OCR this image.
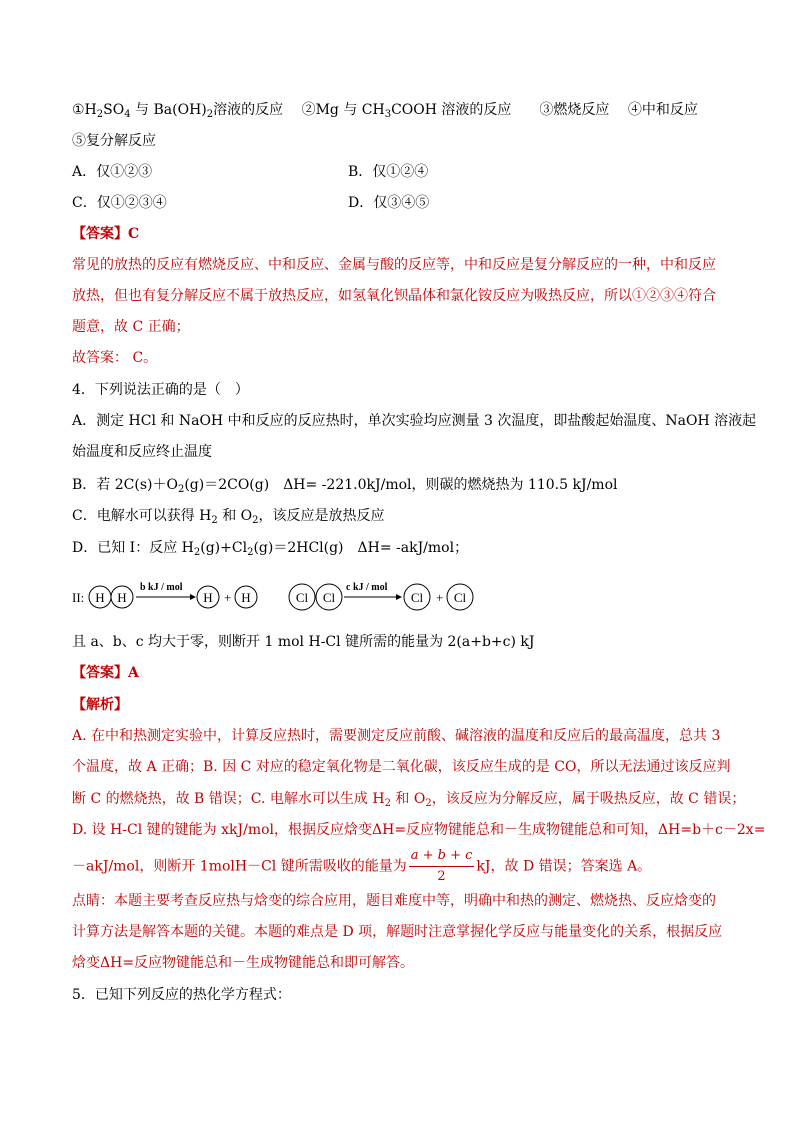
$①H_2SO_4$ 与 $Ba(OH)_2$溶液的反应　 ②Mg 与 $CH_3COOH$ 溶液的反应　　③燃烧反应　 ④中和反应
⑤复分解反应
A．仅①②③	B．仅①②④
C．仅①②③④	D．仅③④⑤
【答案】C
常见的放热的反应有燃烧反应、中和反应、金属与酸的反应等，中和反应是复分解反应的一种，中和反应
放热，但也有复分解反应不属于放热反应，如氢氧化钡晶体和氯化铵反应为吸热反应，所以①②③④符合
题意，故 C 正确；
故答案： C。
4．下列说法正确的是（　）
A．测定 HCl 和 NaOH 中和反应的反应热时，单次实验均应测量 3 次温度，即盐酸起始温度、NaOH 溶液起
始温度和反应终止温度
B．若 $2C(s)+O_2(g)=2CO(g)$　ΔH= -221.0kJ/mol，则碳的燃烧热为 110.5 kJ/mol
C．电解水可以获得 $H_2$ 和 $O_2$，该反应是放热反应
D．已知 I：反应 $H_2(g)+Cl_2(g)=2HCl(g)$　ΔH= -akJ/mol；
II: H H
b kJ / mol
H + H	Cl Cl
c kJ / mol
Cl + Cl
且 a、b、c 均大于零，则断开 1 mol H-Cl 键所需的能量为 2(a+b+c) kJ
【答案】A
【解析】
A. 在中和热测定实验中，计算反应热时，需要测定反应前酸、碱溶液的温度和反应后的最高温度，总共 3
个温度，故 A 正确；B. 因 C 对应的稳定氧化物是二氧化碳，该反应生成的是 CO，所以无法通过该反应判
断 C 的燃烧热，故 B 错误；C. 电解水可以生成 $H_2$ 和 $O_2$，该反应为分解反应，属于吸热反应，故 C 错误；
D. 设 H-Cl 键的键能为 xkJ/mol，根据反应焓变ΔH=反应物键能总和－生成物键能总和可知，ΔH=b＋c－2x=
－akJ/mol，则断开 1molH－Cl 键所需吸收的能量为 $\frac{a + b + c}{2}$ kJ，故 D 错误；答案选 A。
点睛：本题主要考查反应热与焓变的综合应用，题目难度中等，明确中和热的测定、燃烧热、反应焓变的
计算方法是解答本题的关键。本题的难点是 D 项，解题时注意掌握化学反应与能量变化的关系，根据反应
焓变ΔH=反应物键能总和－生成物键能总和即可解答。
5．已知下列反应的热化学方程式：
